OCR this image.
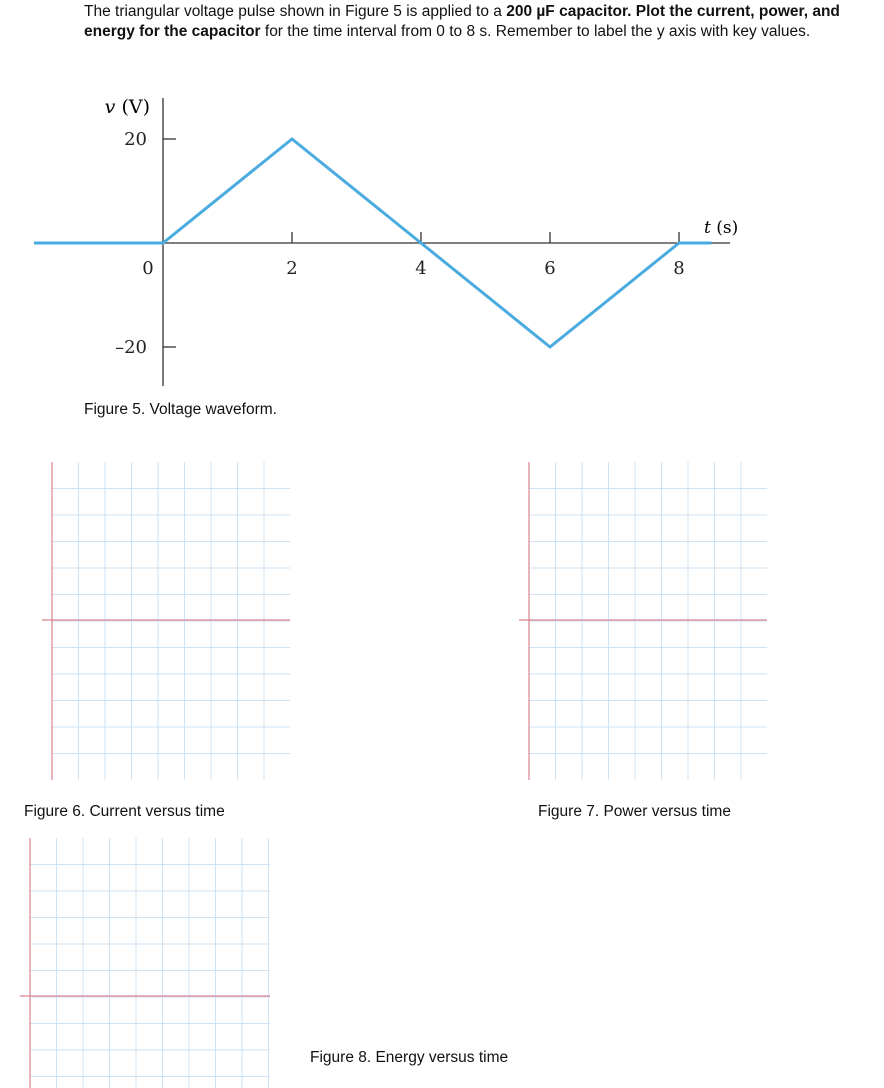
The triangular voltage pulse shown in Figure 5 is applied to a 200 µF capacitor. Plot the current, power, and energy for the capacitor for the time interval from 0 to 8 s. Remember to label the y axis with key values.

20
–20
0	2	4	6	8
v (V)
t (s)

Figure 5. Voltage waveform.

Figure 6. Current versus time	Figure 7. Power versus time

Figure 8. Energy versus time
